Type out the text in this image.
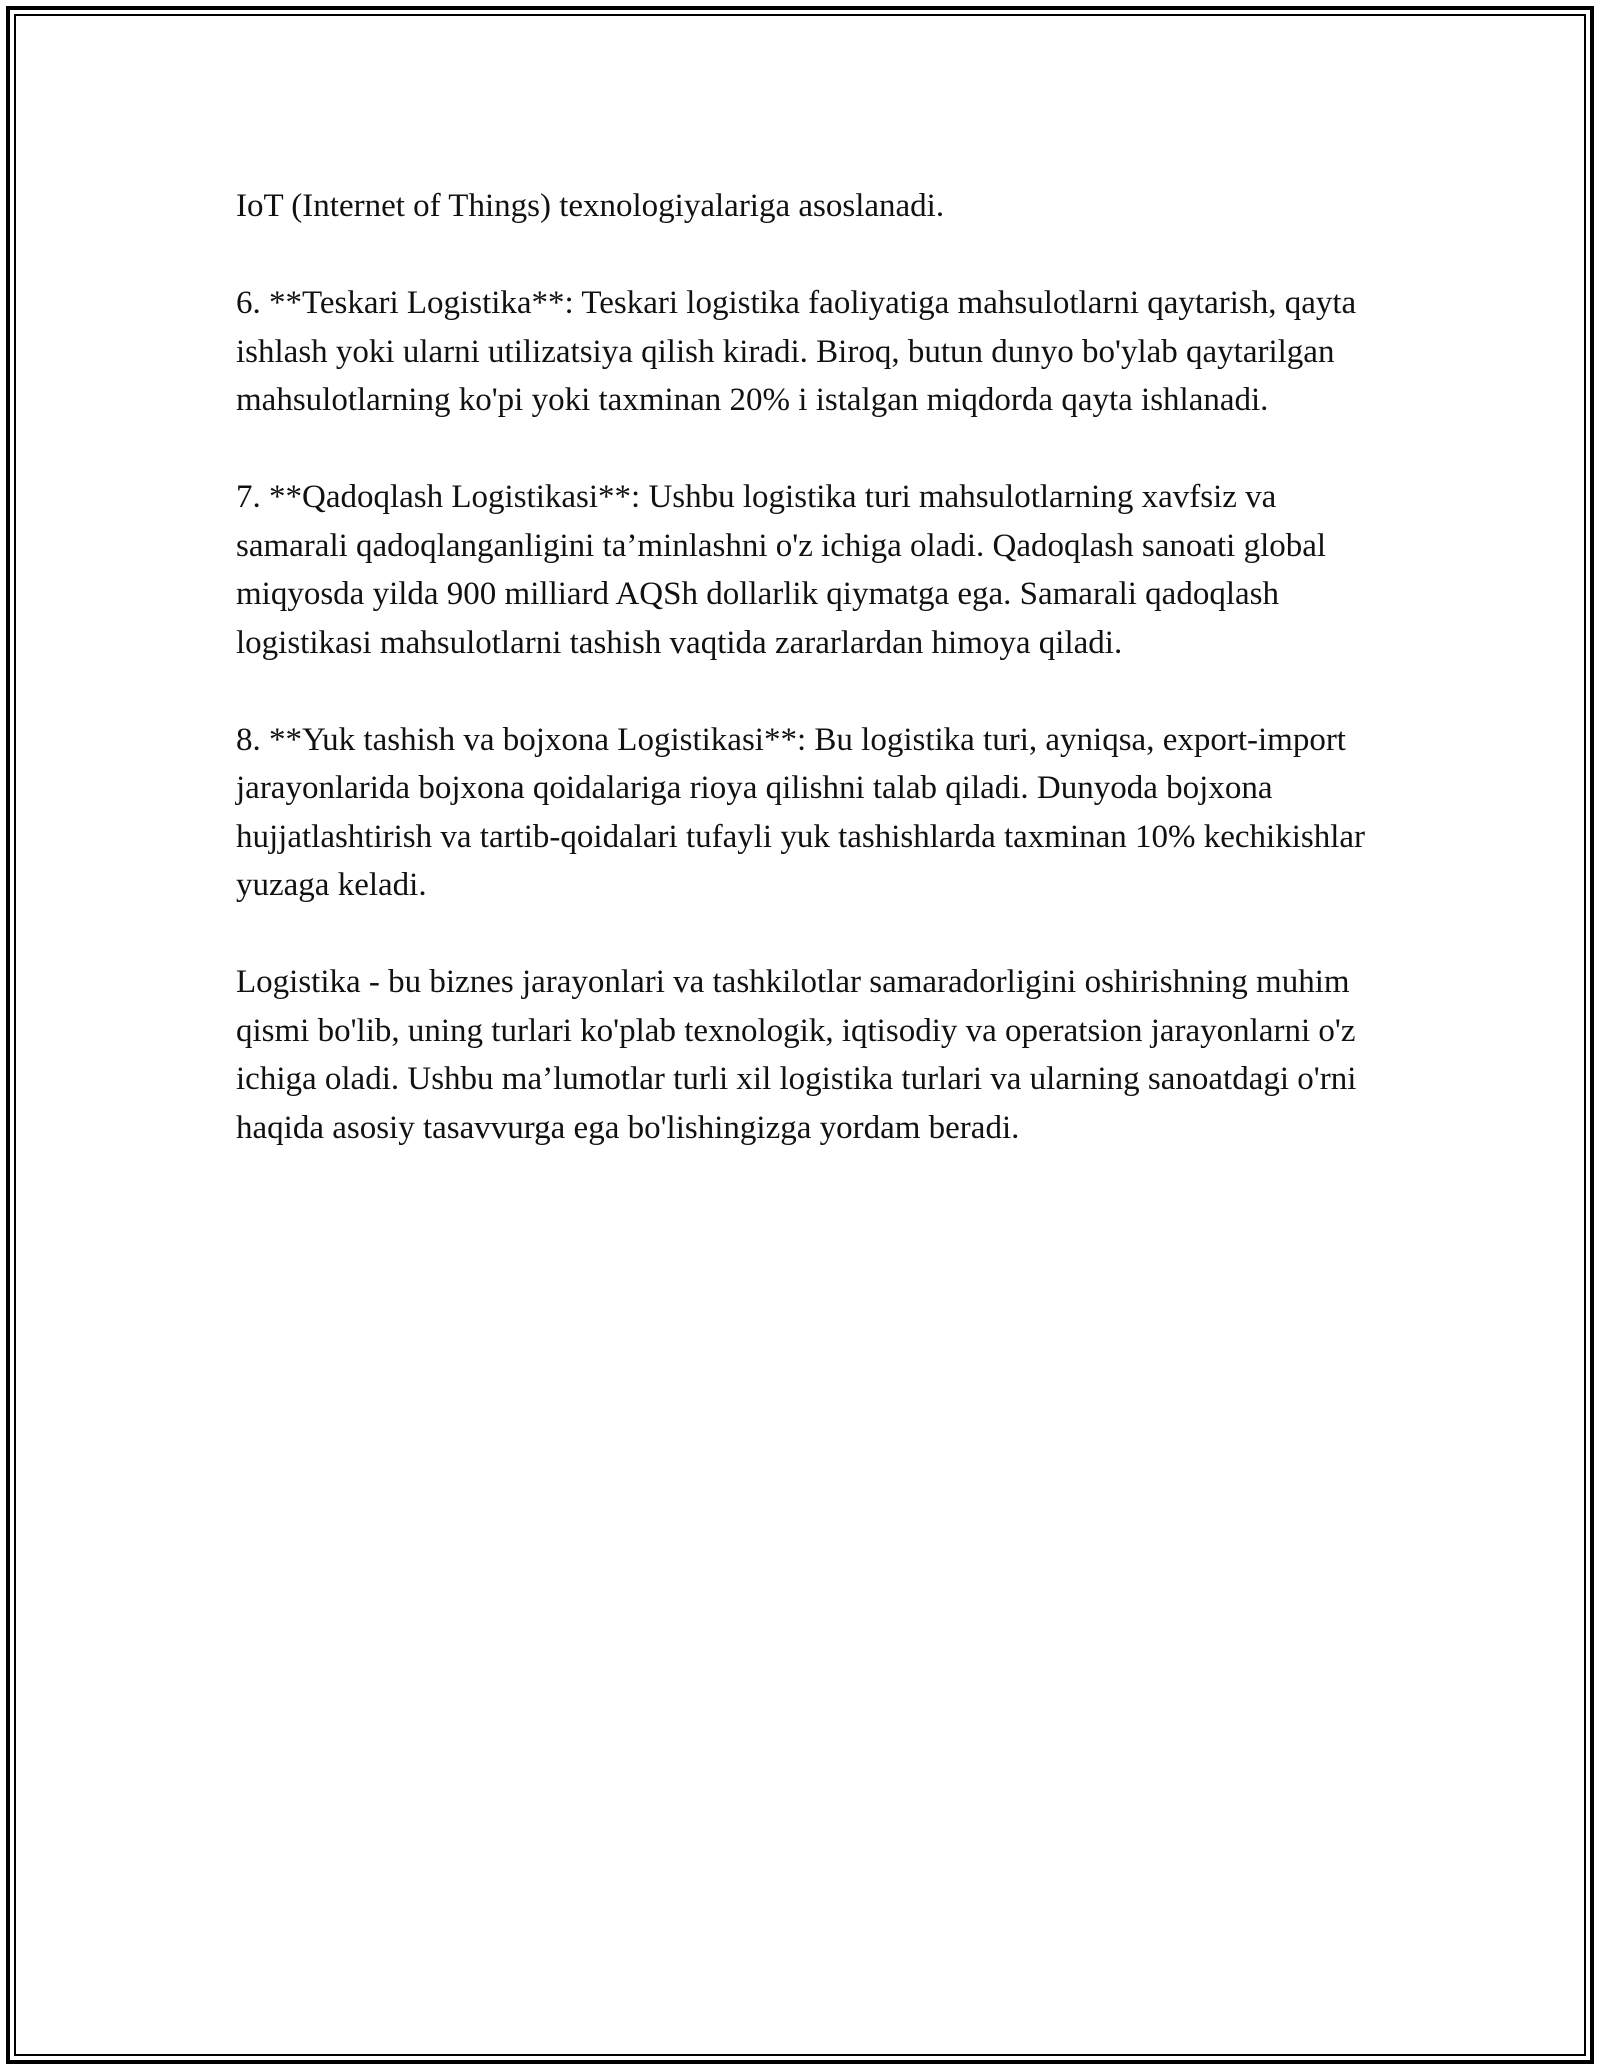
IoT (Internet of Things) texnologiyalariga asoslanadi.

6. **Teskari Logistika**: Teskari logistika faoliyatiga mahsulotlarni qaytarish, qayta ishlash yoki ularni utilizatsiya qilish kiradi. Biroq, butun dunyo bo'ylab qaytarilgan mahsulotlarning ko'pi yoki taxminan 20% i istalgan miqdorda qayta ishlanadi.

7. **Qadoqlash Logistikasi**: Ushbu logistika turi mahsulotlarning xavfsiz va samarali qadoqlanganligini ta’minlashni o'z ichiga oladi. Qadoqlash sanoati global miqyosda yilda 900 milliard AQSh dollarlik qiymatga ega. Samarali qadoqlash logistikasi mahsulotlarni tashish vaqtida zararlardan himoya qiladi.

8. **Yuk tashish va bojxona Logistikasi**: Bu logistika turi, ayniqsa, export-import jarayonlarida bojxona qoidalariga rioya qilishni talab qiladi. Dunyoda bojxona hujjatlashtirish va tartib-qoidalari tufayli yuk tashishlarda taxminan 10% kechikishlar yuzaga keladi.

Logistika - bu biznes jarayonlari va tashkilotlar samaradorligini oshirishning muhim qismi bo'lib, uning turlari ko'plab texnologik, iqtisodiy va operatsion jarayonlarni o'z ichiga oladi. Ushbu ma’lumotlar turli xil logistika turlari va ularning sanoatdagi o'rni haqida asosiy tasavvurga ega bo'lishingizga yordam beradi.
